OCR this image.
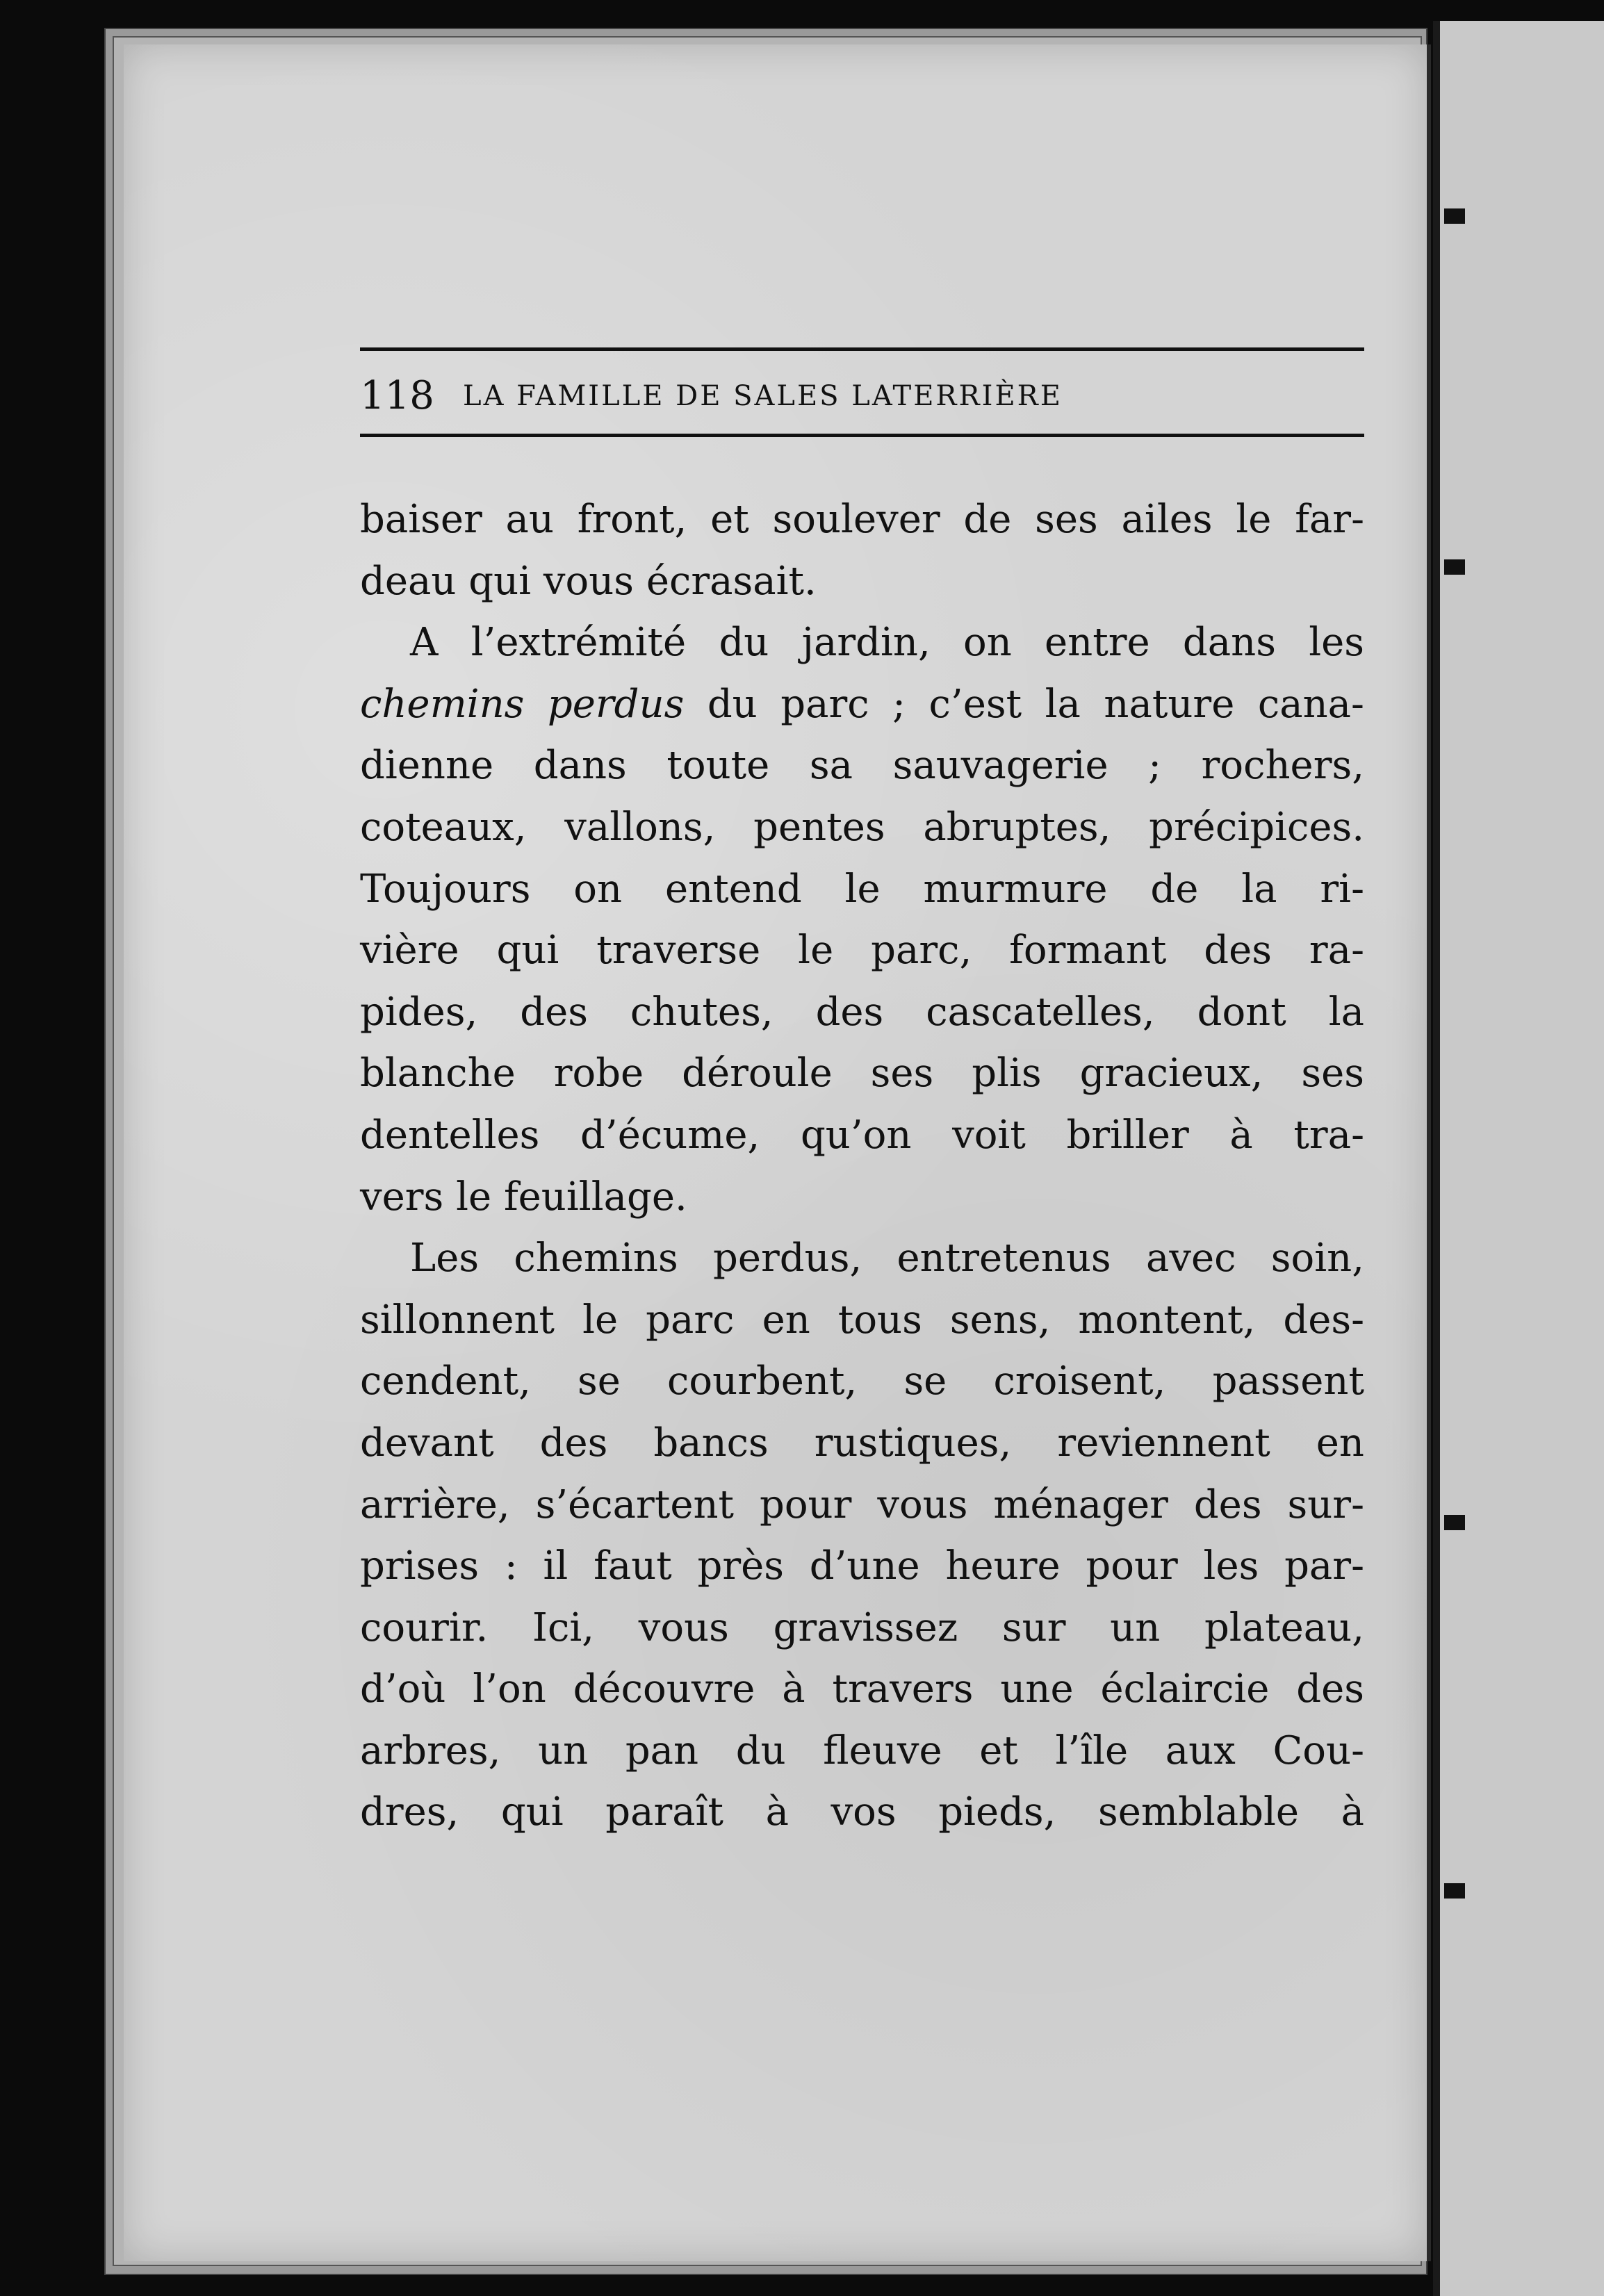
118 LA FAMILLE DE SALES LATERRIÈRE
baiser au front, et soulever de ses ailes le far-
deau qui vous écrasait.
A l’extrémité du jardin, on entre dans les
chemins perdus du parc ; c’est la nature cana-
dienne dans toute sa sauvagerie ; rochers,
coteaux, vallons, pentes abruptes, précipices.
Toujours on entend le murmure de la ri-
vière qui traverse le parc, formant des ra-
pides, des chutes, des cascatelles, dont la
blanche robe déroule ses plis gracieux, ses
dentelles d’écume, qu’on voit briller à tra-
vers le feuillage.
Les chemins perdus, entretenus avec soin,
sillonnent le parc en tous sens, montent, des-
cendent, se courbent, se croisent, passent
devant des bancs rustiques, reviennent en
arrière, s’écartent pour vous ménager des sur-
prises : il faut près d’une heure pour les par-
courir. Ici, vous gravissez sur un plateau,
d’où l’on découvre à travers une éclaircie des
arbres, un pan du fleuve et l’île aux Cou-
dres, qui paraît à vos pieds, semblable à
